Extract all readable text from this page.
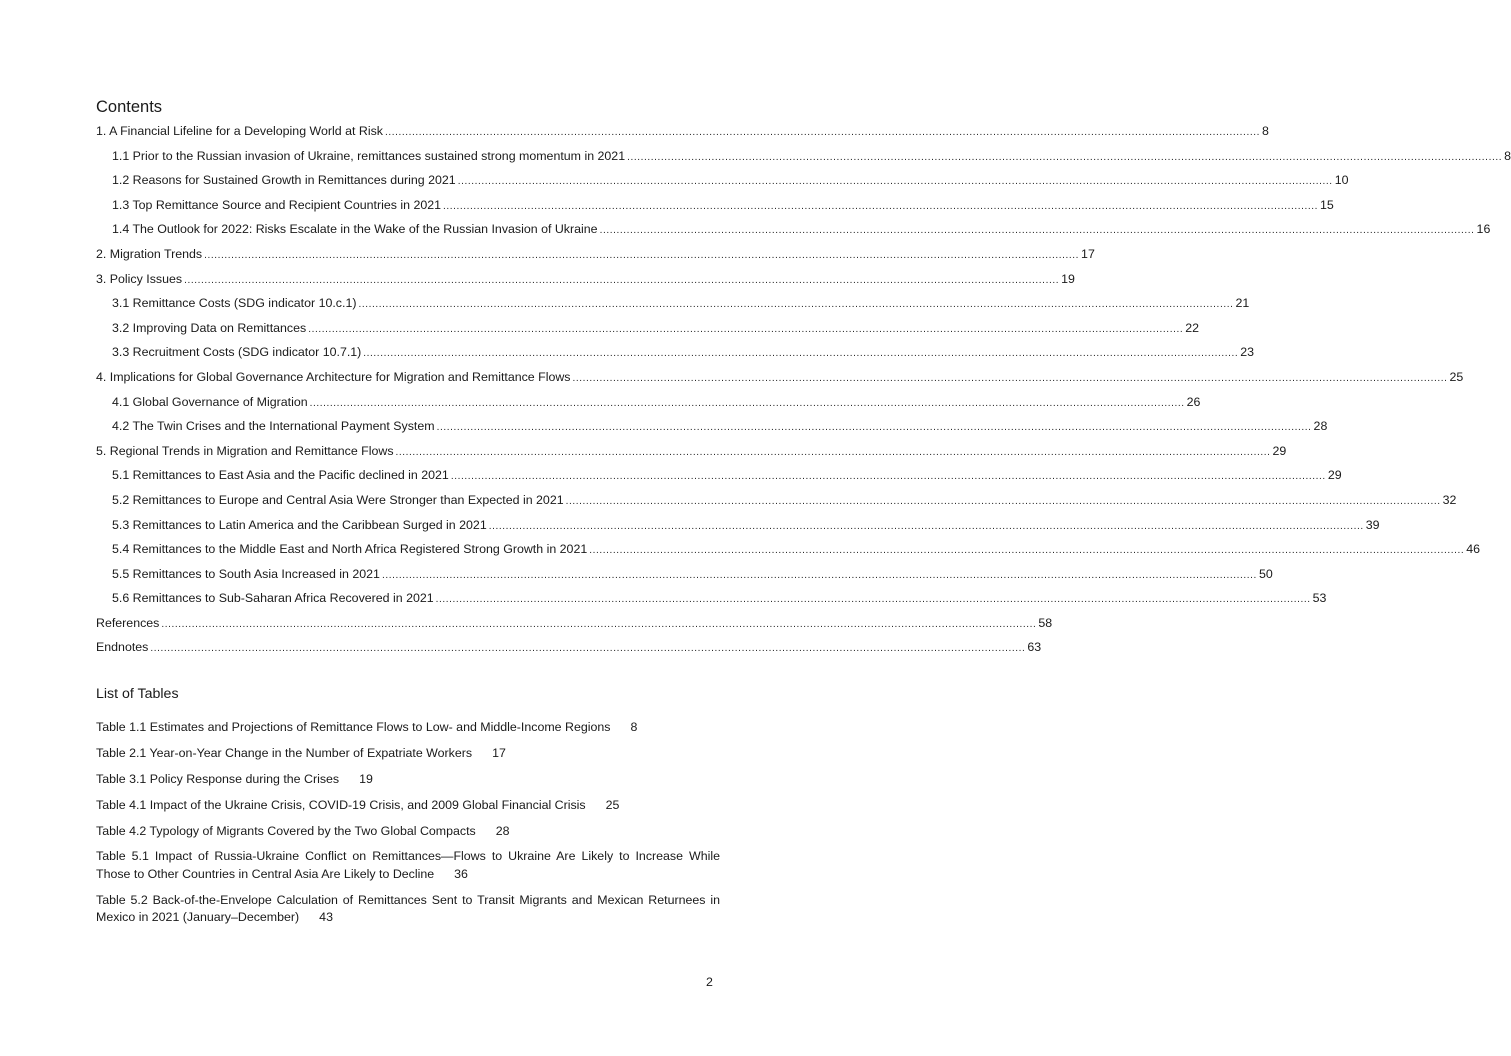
Contents
1. A Financial Lifeline for a Developing World at Risk .....	8
1.1 Prior to the Russian invasion of Ukraine, remittances sustained strong momentum in 2021 .....	8
1.2 Reasons for Sustained Growth in Remittances during 2021 .....	10
1.3 Top Remittance Source and Recipient Countries in 2021 .....	15
1.4 The Outlook for 2022: Risks Escalate in the Wake of the Russian Invasion of Ukraine .....	16
2. Migration Trends .....	17
3. Policy Issues .....	19
3.1 Remittance Costs (SDG indicator 10.c.1) .....	21
3.2 Improving Data on Remittances .....	22
3.3 Recruitment Costs (SDG indicator 10.7.1) .....	23
4. Implications for Global Governance Architecture for Migration and Remittance Flows .....	25
4.1 Global Governance of Migration .....	26
4.2 The Twin Crises and the International Payment System .....	28
5. Regional Trends in Migration and Remittance Flows .....	29
5.1 Remittances to East Asia and the Pacific declined in 2021 .....	29
5.2 Remittances to Europe and Central Asia Were Stronger than Expected in 2021 .....	32
5.3 Remittances to Latin America and the Caribbean Surged in 2021 .....	39
5.4 Remittances to the Middle East and North Africa Registered Strong Growth in 2021 .....	46
5.5 Remittances to South Asia Increased in 2021 .....	50
5.6 Remittances to Sub-Saharan Africa Recovered in 2021 .....	53
References .....	58
Endnotes .....	63
List of Tables
Table 1.1 Estimates and Projections of Remittance Flows to Low- and Middle-Income Regions 8
Table 2.1 Year-on-Year Change in the Number of Expatriate Workers 17
Table 3.1 Policy Response during the Crises 19
Table 4.1 Impact of the Ukraine Crisis, COVID-19 Crisis, and 2009 Global Financial Crisis 25
Table 4.2 Typology of Migrants Covered by the Two Global Compacts 28
Table 5.1 Impact of Russia-Ukraine Conflict on Remittances—Flows to Ukraine Are Likely to Increase While Those to Other Countries in Central Asia Are Likely to Decline 36
Table 5.2 Back-of-the-Envelope Calculation of Remittances Sent to Transit Migrants and Mexican Returnees in Mexico in 2021 (January–December) 43
2
